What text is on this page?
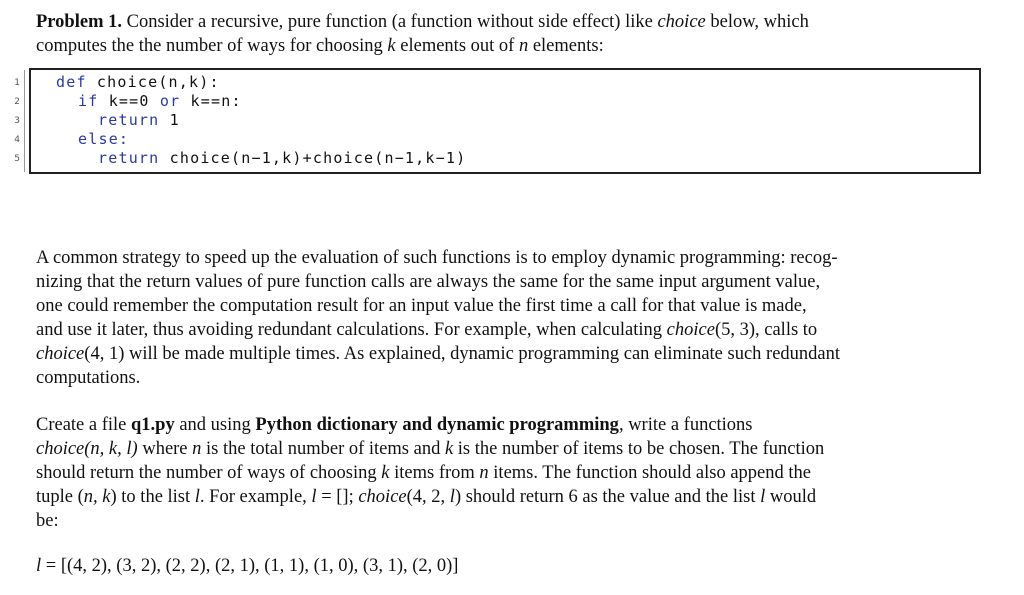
Problem 1. Consider a recursive, pure function (a function without side effect) like choice below, which
computes the the number of ways for choosing k elements out of n elements:
1
2
3
4
5
def choice(n,k):
if k==0 or k==n:
return 1
else:
return choice(n−1,k)+choice(n−1,k−1)
A common strategy to speed up the evaluation of such functions is to employ dynamic programming: recog-
nizing that the return values of pure function calls are always the same for the same input argument value,
one could remember the computation result for an input value the first time a call for that value is made,
and use it later, thus avoiding redundant calculations. For example, when calculating choice(5, 3), calls to
choice(4, 1) will be made multiple times. As explained, dynamic programming can eliminate such redundant
computations.
Create a file q1.py and using Python dictionary and dynamic programming, write a functions
choice(n, k, l) where n is the total number of items and k is the number of items to be chosen. The function
should return the number of ways of choosing k items from n items. The function should also append the
tuple (n, k) to the list l. For example, l = []; choice(4, 2, l) should return 6 as the value and the list l would
be:
l = [(4, 2), (3, 2), (2, 2), (2, 1), (1, 1), (1, 0), (3, 1), (2, 0)]
